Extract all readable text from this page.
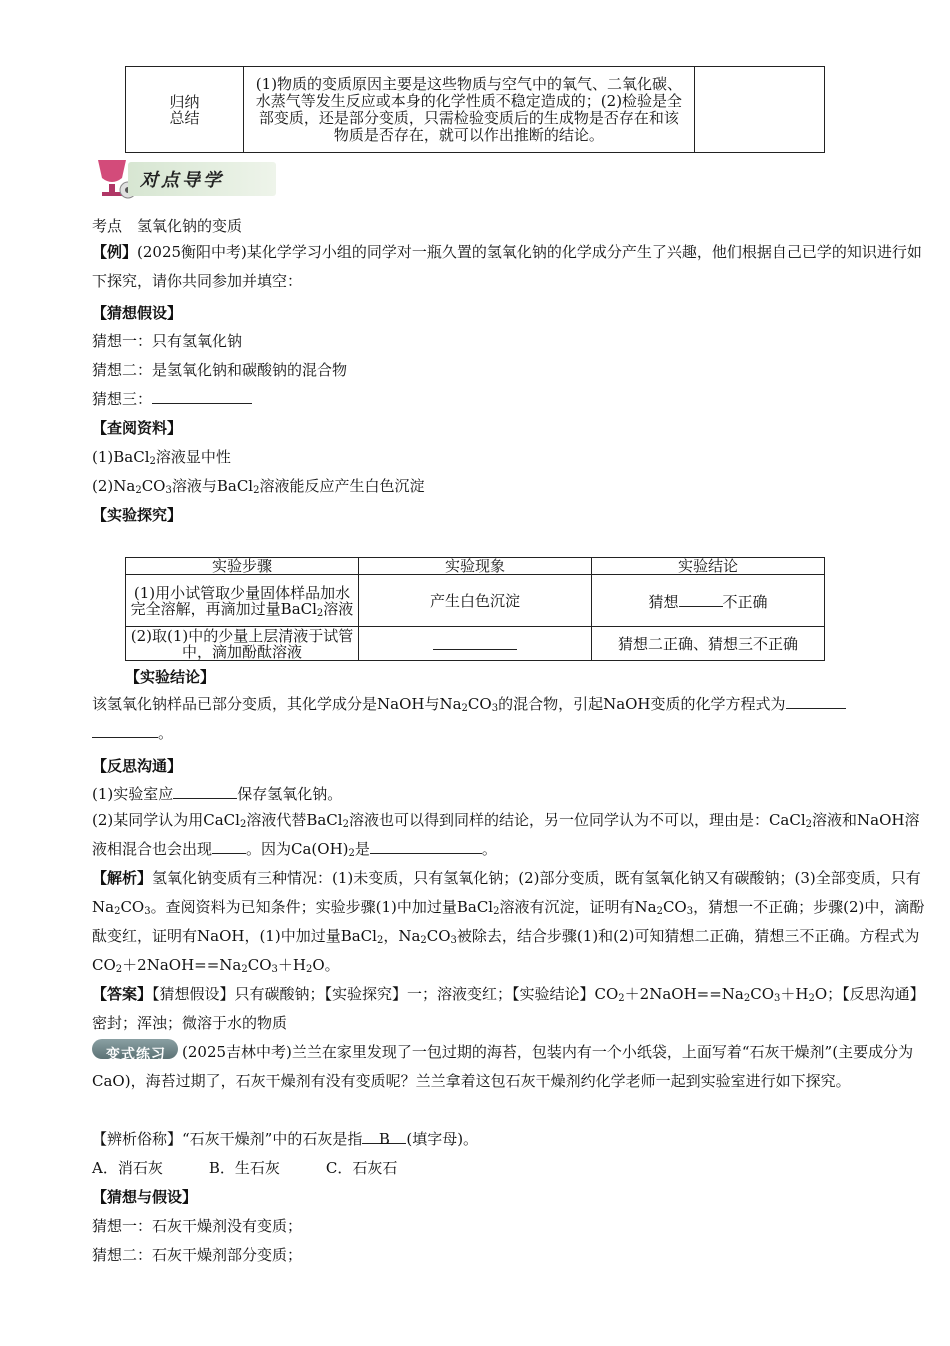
归纳
总结	(1)物质的变质原因主要是这些物质与空气中的氧气、二氧化碳、水蒸气等发生反应或本身的化学性质不稳定造成的；(2)检验是全部变质，还是部分变质，只需检验变质后的生成物是否存在和该物质是否存在，就可以作出推断的结论。	
对点导学
考点　氢氧化钠的变质
【例】(2025衡阳中考)某化学学习小组的同学对一瓶久置的氢氧化钠的化学成分产生了兴趣，他们根据自己已学的知识进行如下探究，请你共同参加并填空：
【猜想假设】
猜想一：只有氢氧化钠
猜想二：是氢氧化钠和碳酸钠的混合物
猜想三：
【查阅资料】
(1)BaCl$_2$溶液显中性
$(2)Na_2CO_3$溶液与BaCl$_2$溶液能反应产生白色沉淀
【实验探究】
实验步骤	实验现象	实验结论
(1)用小试管取少量固体样品加水完全溶解，再滴加过量BaCl$_2$溶液	产生白色沉淀	猜想 不正确
(2)取(1)中的少量上层清液于试管中，滴加酚酞溶液		猜想二正确、猜想三不正确
【实验结论】
该氢氧化钠样品已部分变质，其化学成分是NaOH与$Na_2CO_3$的混合物，引起NaOH变质的化学方程式为
。
【反思沟通】
(1)实验室应	保存氢氧化钠。
(2)某同学认为用CaCl$_2$溶液代替BaCl$_2$溶液也可以得到同样的结论，另一位同学认为不可以，理由是：CaCl$_2$溶液和NaOH溶液相混合也会出现 。因为$Ca(OH)_2$是	。
【解析】氢氧化钠变质有三种情况：(1)未变质，只有氢氧化钠；(2)部分变质，既有氢氧化钠又有碳酸钠；(3)全部变质，只有$Na_2CO_3$。查阅资料为已知条件；实验步骤(1)中加过量BaCl$_2$溶液有沉淀，证明有$Na_2CO_3$，猜想一不正确；步骤(2)中，滴酚酞变红，证明有NaOH，(1)中加过量BaCl$_2$，$Na_2CO_3$被除去，结合步骤(1)和(2)可知猜想二正确，猜想三不正确。方程式为$CO_2+2NaOH==Na_2CO_3+H_2O$。
【答案】【猜想假设】只有碳酸钠；【实验探究】一；溶液变红；【实验结论】$CO_2+2NaOH==Na_2CO_3+H_2O$；【反思沟通】密封；浑浊；微溶于水的物质
变式练习 (2025吉林中考)兰兰在家里发现了一包过期的海苔，包装内有一个小纸袋，上面写着“石灰干燥剂”(主要成分为CaO)，海苔过期了，石灰干燥剂有没有变质呢？兰兰拿着这包石灰干燥剂约化学老师一起到实验室进行如下探究。
【辨析俗称】“石灰干燥剂”中的石灰是指 B (填字母)。
A．消石灰	B．生石灰	C．石灰石
【猜想与假设】
猜想一：石灰干燥剂没有变质；
猜想二：石灰干燥剂部分变质；
